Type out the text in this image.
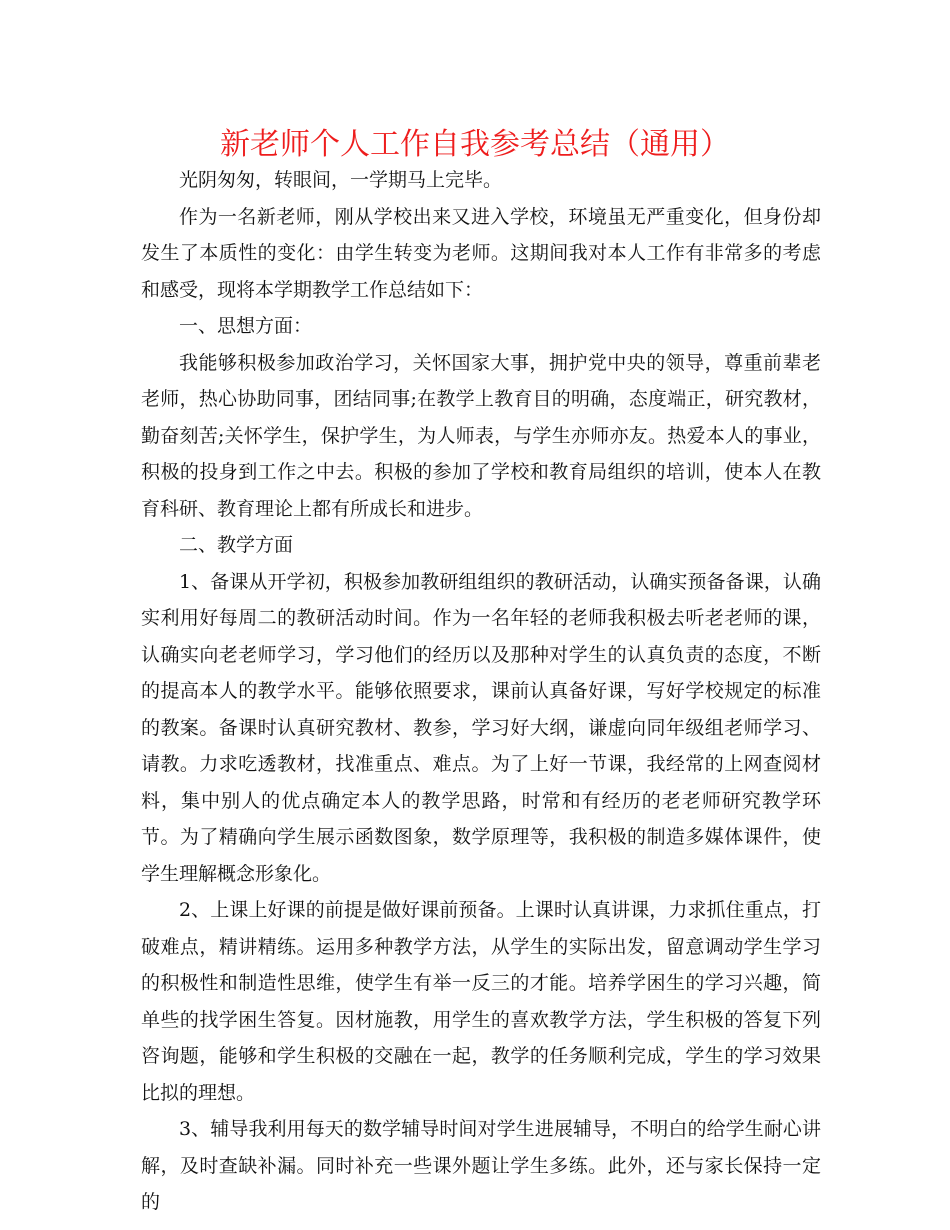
新老师个人工作自我参考总结（通用）

光阴匆匆，转眼间，一学期马上完毕。

作为一名新老师，刚从学校出来又进入学校，环境虽无严重变化，但身份却发生了本质性的变化：由学生转变为老师。这期间我对本人工作有非常多的考虑和感受，现将本学期教学工作总结如下：

一、思想方面：

我能够积极参加政治学习，关怀国家大事，拥护党中央的领导，尊重前辈老老师，热心协助同事，团结同事;在教学上教育目的明确，态度端正，研究教材，勤奋刻苦;关怀学生，保护学生，为人师表，与学生亦师亦友。热爱本人的事业，积极的投身到工作之中去。积极的参加了学校和教育局组织的培训，使本人在教育科研、教育理论上都有所成长和进步。

二、教学方面

1、备课从开学初，积极参加教研组组织的教研活动，认确实预备备课，认确实利用好每周二的教研活动时间。作为一名年轻的老师我积极去听老老师的课，认确实向老老师学习，学习他们的经历以及那种对学生的认真负责的态度，不断的提高本人的教学水平。能够依照要求，课前认真备好课，写好学校规定的标准的教案。备课时认真研究教材、教参，学习好大纲，谦虚向同年级组老师学习、请教。力求吃透教材，找准重点、难点。为了上好一节课，我经常的上网查阅材料，集中别人的优点确定本人的教学思路，时常和有经历的老老师研究教学环节。为了精确向学生展示函数图象，数学原理等，我积极的制造多媒体课件，使学生理解概念形象化。

2、上课上好课的前提是做好课前预备。上课时认真讲课，力求抓住重点，打破难点，精讲精练。运用多种教学方法，从学生的实际出发，留意调动学生学习的积极性和制造性思维，使学生有举一反三的才能。培养学困生的学习兴趣，简单些的找学困生答复。因材施教，用学生的喜欢教学方法，学生积极的答复下列咨询题，能够和学生积极的交融在一起，教学的任务顺利完成，学生的学习效果比拟的理想。

3、辅导我利用每天的数学辅导时间对学生进展辅导，不明白的给学生耐心讲解，及时查缺补漏。同时补充一些课外题让学生多练。此外，还与家长保持一定的
